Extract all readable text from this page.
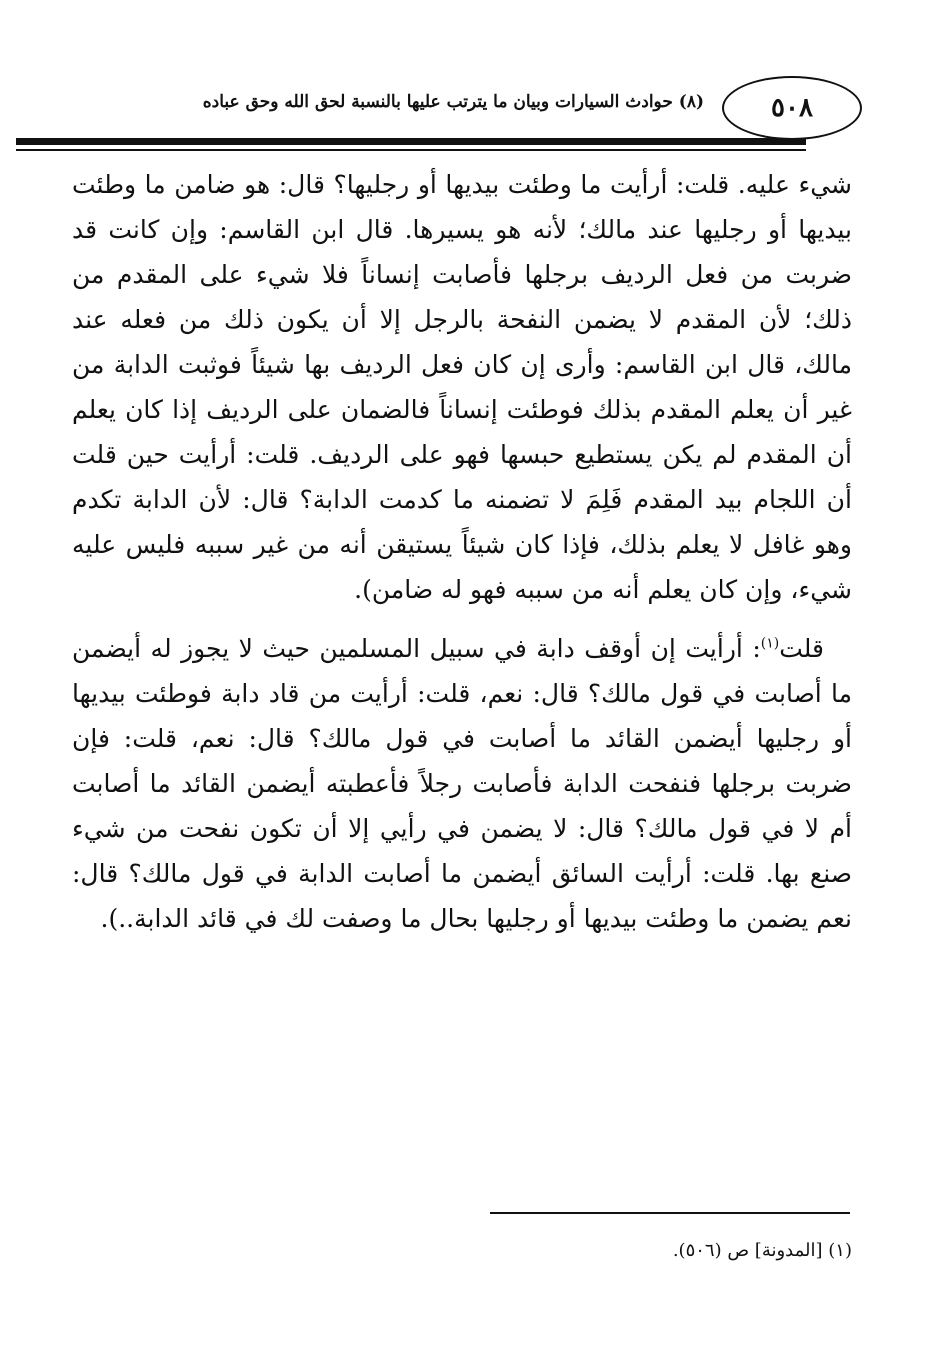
(٨) حوادث السيارات وبيان ما يترتب عليها بالنسبة لحق الله وحق عباده	٥٠٨

شيء عليه. قلت: أرأيت ما وطئت بيديها أو رجليها؟ قال: هو ضامن ما وطئت بيديها أو رجليها عند مالك؛ لأنه هو يسيرها. قال ابن القاسم: وإن كانت قد ضربت من فعل الرديف برجلها فأصابت إنساناً فلا شيء على المقدم من ذلك؛ لأن المقدم لا يضمن النفحة بالرجل إلا أن يكون ذلك من فعله عند مالك، قال ابن القاسم: وأرى إن كان فعل الرديف بها شيئاً فوثبت الدابة من غير أن يعلم المقدم بذلك فوطئت إنساناً فالضمان على الرديف إذا كان يعلم أن المقدم لم يكن يستطيع حبسها فهو على الرديف. قلت: أرأيت حين قلت أن اللجام بيد المقدم فَلِمَ لا تضمنه ما كدمت الدابة؟ قال: لأن الدابة تكدم وهو غافل لا يعلم بذلك، فإذا كان شيئاً يستيقن أنه من غير سببه فليس عليه شيء، وإن كان يعلم أنه من سببه فهو له ضامن).

قلت$^{(١)}$: أرأيت إن أوقف دابة في سبيل المسلمين حيث لا يجوز له أيضمن ما أصابت في قول مالك؟ قال: نعم، قلت: أرأيت من قاد دابة فوطئت بيديها أو رجليها أيضمن القائد ما أصابت في قول مالك؟ قال: نعم، قلت: فإن ضربت برجلها فنفحت الدابة فأصابت رجلاً فأعطبته أيضمن القائد ما أصابت أم لا في قول مالك؟ قال: لا يضمن في رأيي إلا أن تكون نفحت من شيء صنع بها. قلت: أرأيت السائق أيضمن ما أصابت الدابة في قول مالك؟ قال: نعم يضمن ما وطئت بيديها أو رجليها بحال ما وصفت لك في قائد الدابة..).

(١) [المدونة] ص (٥٠٦).
